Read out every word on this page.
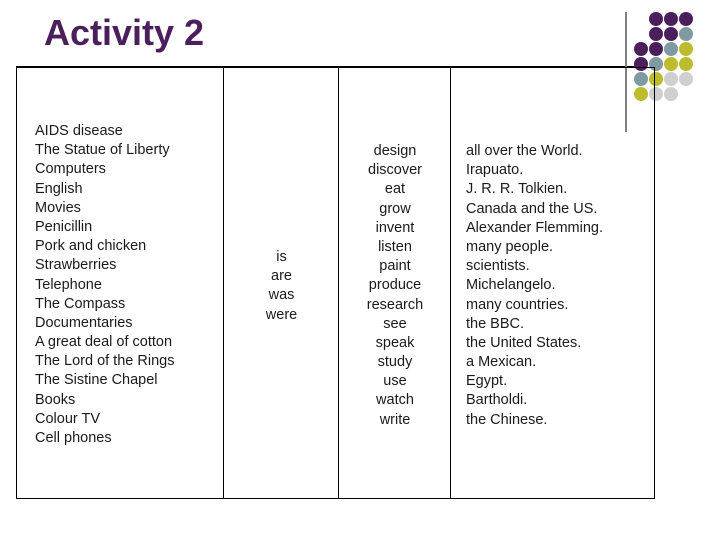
Activity 2
AIDS disease
The Statue of Liberty
Computers
English
Movies
Penicillin
Pork and chicken
Strawberries
Telephone
The Compass
Documentaries
A great deal of cotton
The Lord of the Rings
The Sistine Chapel
Books
Colour TV
Cell phones
is
are
was
were
design
discover
eat
grow
invent
listen
paint
produce
research
see
speak
study
use
watch
write
all over the World.
Irapuato.
J. R. R. Tolkien.
Canada and the US.
Alexander Flemming.
many people.
scientists.
Michelangelo.
many countries.
the BBC.
the United States.
a Mexican.
Egypt.
Bartholdi.
the Chinese.
